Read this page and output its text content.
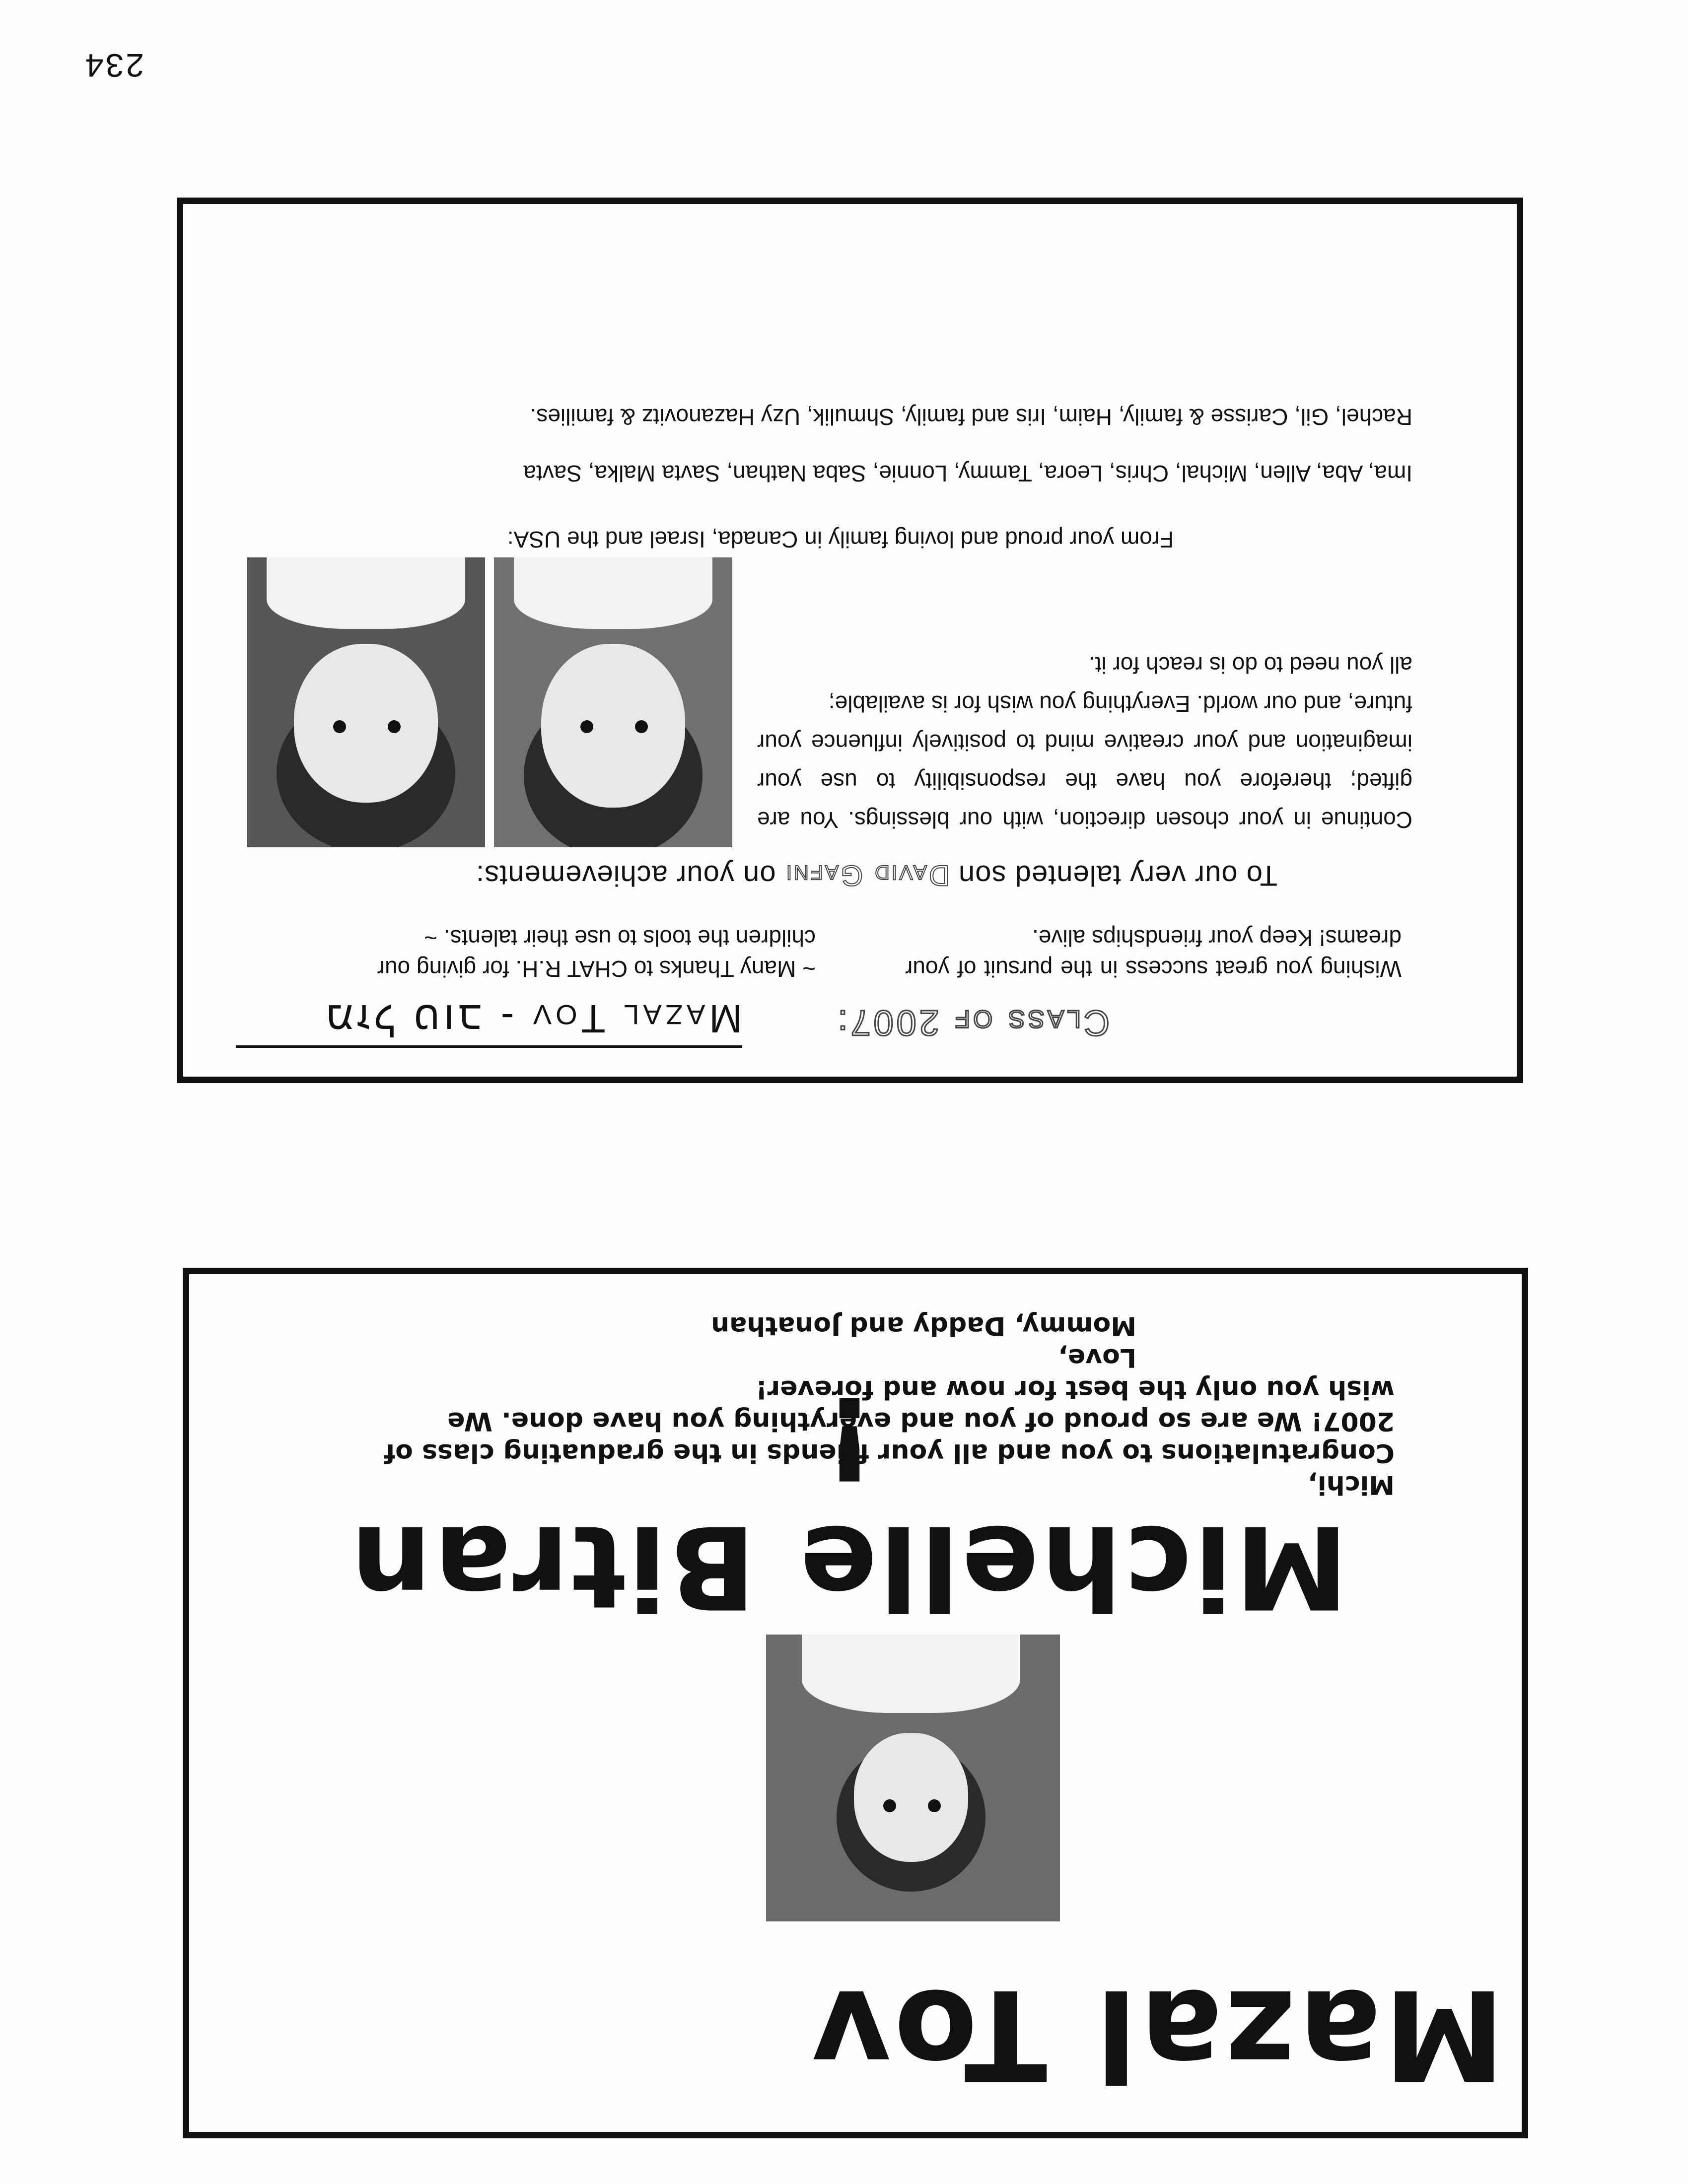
234
Mazal Tov
Michelle Bitran !	Michi,

Congratulations to you and all your friends in the graduating class of

2007! We are so proud of you and everything you have done. We

wish you only the best for now and forever!

Love,

Mommy, Daddy and Jonathan

Class of 2007:
Mazal Tov - מזל טוב
Wishing you great success in the pursuit of your dreams! Keep your friendships alive.
~ Many Thanks to CHAT R.H. for giving our children the tools to use their talents. ~
To our very talented son David Gafni on your achievements:

Continue in your chosen direction, with our blessings. You are gifted; therefore you have the responsibility to use your imagination and your creative mind to positively influence your future, and our world. Everything you wish for is available;

all you need to do is reach for it.

From your proud and loving family in Canada, Israel and the USA:

Ima, Aba, Allen, Michal, Chris, Leora, Tammy, Lonnie, Saba Nathan, Savta Malka, Savta

Rachel, Gil, Carisse & family, Haim, Iris and family, Shmulik, Uzy Hazanovitz & families.
